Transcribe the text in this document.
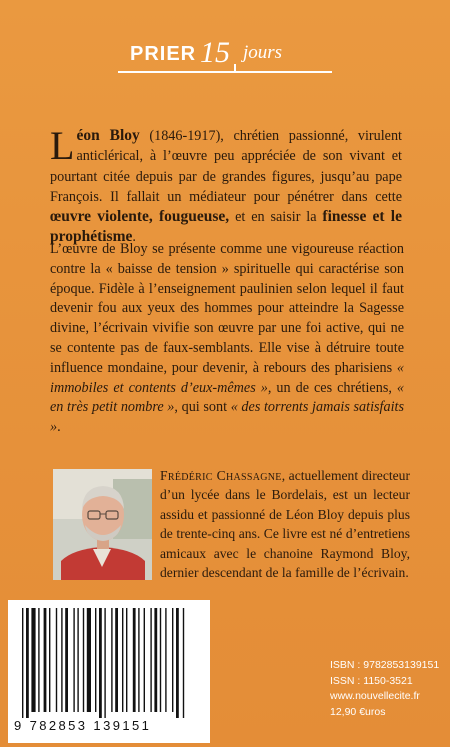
PRIER 15 jours
Léon Bloy (1846-1917), chrétien passionné, virulent anticlérical, à l’œuvre peu appréciée de son vivant et pourtant citée depuis par de grandes figures, jusqu’au pape François. Il fallait un médiateur pour pénétrer dans cette œuvre violente, fougueuse, et en saisir la finesse et le prophétisme.
L’œuvre de Bloy se présente comme une vigoureuse réaction contre la « baisse de tension » spirituelle qui caractérise son époque. Fidèle à l’enseignement paulinien selon lequel il faut devenir fou aux yeux des hommes pour atteindre la Sagesse divine, l’écrivain vivifie son œuvre par une foi active, qui ne se contente pas de faux-semblants. Elle vise à détruire toute influence mondaine, pour devenir, à rebours des pharisiens « immobiles et contents d’eux-mêmes », un de ces chrétiens, « en très petit nombre », qui sont « des torrents jamais satisfaits ».
Frédéric Chassagne, actuellement directeur d’un lycée dans le Bordelais, est un lecteur assidu et passionné de Léon Bloy depuis plus de trente-cinq ans. Ce livre est né d’entretiens amicaux avec le chanoine Raymond Bloy, dernier descendant de la famille de l’écrivain.
9 782853 139151
ISBN : 9782853139151
ISSN : 1150-3521
www.nouvellecite.fr
12,90 €uros
